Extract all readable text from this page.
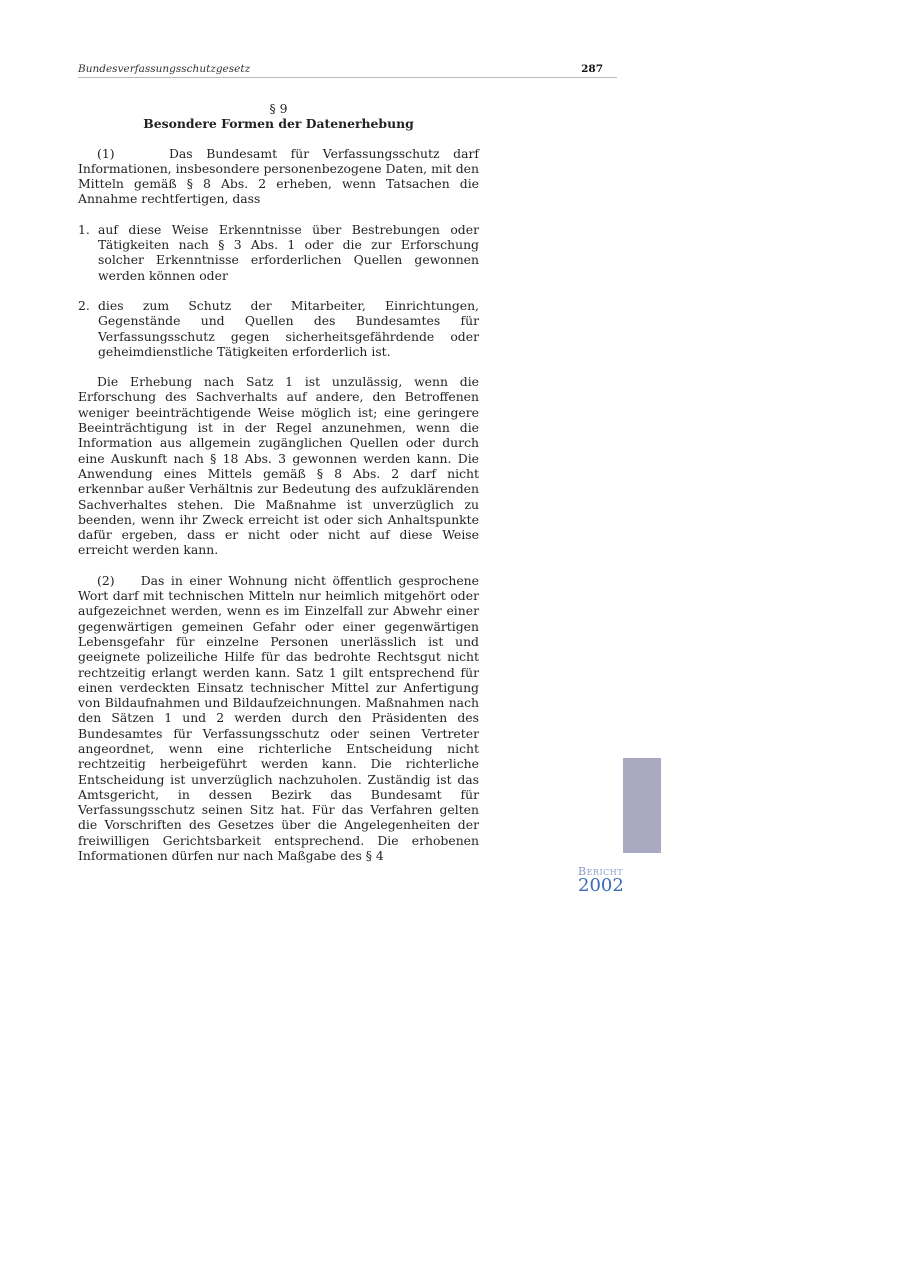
Bundesverfassungsschutzgesetz	287

§ 9

Besondere Formen der Datenerhebung

(1)	Das Bundesamt für Verfassungsschutz darf Informationen, insbesondere personenbezogene Daten, mit den Mitteln gemäß § 8 Abs. 2 erheben, wenn Tatsachen die Annahme rechtfertigen, dass

1. auf diese Weise Erkenntnisse über Bestrebungen oder Tätigkeiten nach § 3 Abs. 1 oder die zur Erforschung solcher Erkenntnisse erforderlichen Quellen gewonnen werden können oder
2. dies zum Schutz der Mitarbeiter, Einrichtungen, Gegenstände und Quellen des Bundesamtes für Verfassungsschutz gegen sicherheitsgefährdende oder geheimdienstliche Tätigkeiten erforderlich ist.

Die Erhebung nach Satz 1 ist unzulässig, wenn die Erforschung des Sachverhalts auf andere, den Betroffenen weniger beeinträchtigende Weise möglich ist; eine geringere Beeinträchtigung ist in der Regel anzunehmen, wenn die Information aus allgemein zugänglichen Quellen oder durch eine Auskunft nach § 18 Abs. 3 gewonnen werden kann. Die Anwendung eines Mittels gemäß § 8 Abs. 2 darf nicht erkennbar außer Verhältnis zur Bedeutung des aufzuklärenden Sachverhaltes stehen. Die Maßnahme ist unverzüglich zu beenden, wenn ihr Zweck erreicht ist oder sich Anhaltspunkte dafür ergeben, dass er nicht oder nicht auf diese Weise erreicht werden kann.

(2) Das in einer Wohnung nicht öffentlich gesprochene Wort darf mit technischen Mitteln nur heimlich mitgehört oder aufgezeichnet werden, wenn es im Einzelfall zur Abwehr einer gegenwärtigen gemeinen Gefahr oder einer gegenwärtigen Lebensgefahr für einzelne Personen unerlässlich ist und geeignete polizeiliche Hilfe für das bedrohte Rechtsgut nicht rechtzeitig erlangt werden kann. Satz 1 gilt entsprechend für einen verdeckten Einsatz technischer Mittel zur Anfertigung von Bildaufnahmen und Bildaufzeichnungen. Maßnahmen nach den Sätzen 1 und 2 werden durch den Präsidenten des Bundesamtes für Verfassungsschutz oder seinen Vertreter angeordnet, wenn eine richterliche Entscheidung nicht rechtzeitig herbeigeführt werden kann. Die richterliche Entscheidung ist unverzüglich nachzuholen. Zuständig ist das Amtsgericht, in dessen Bezirk das Bundesamt für Verfassungsschutz seinen Sitz hat. Für das Verfahren gelten die Vorschriften des Gesetzes über die Angelegenheiten der freiwilligen Gerichtsbarkeit entsprechend. Die erhobenen Informationen dürfen nur nach Maßgabe des § 4

Bericht
2002
